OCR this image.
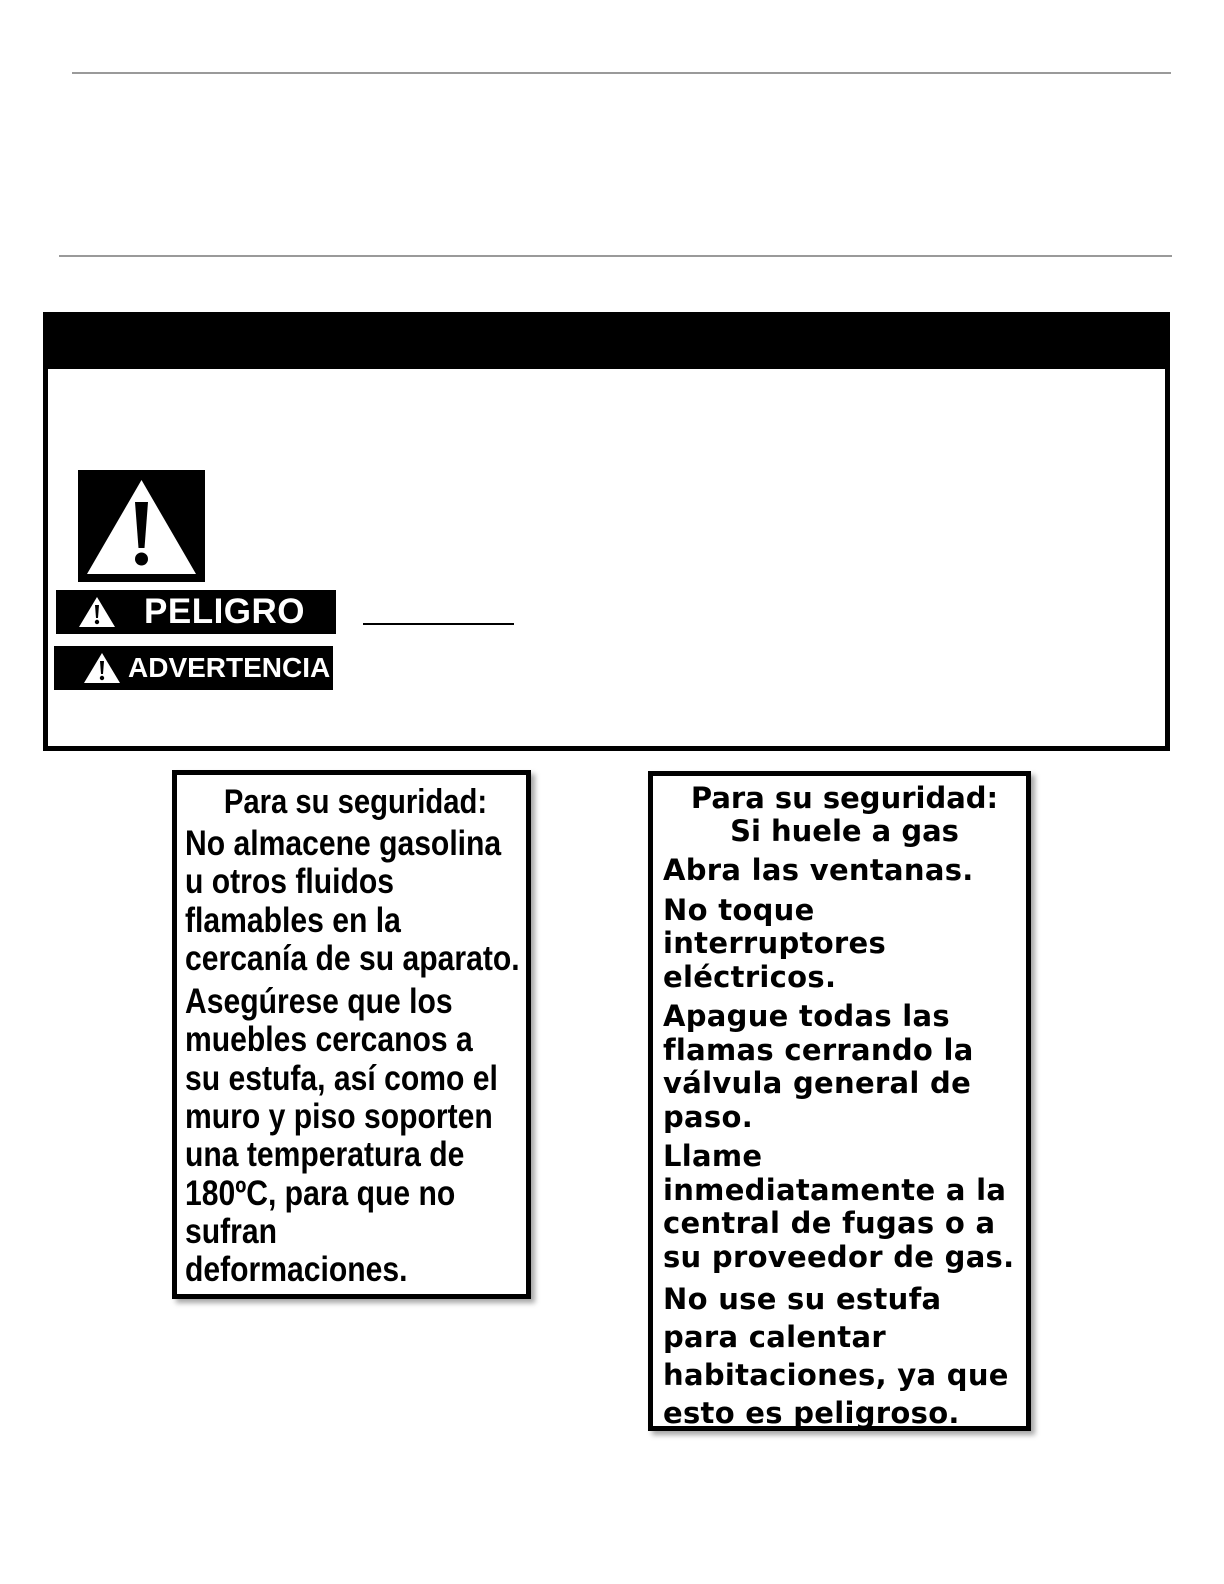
PELIGRO
ADVERTENCIA
Para su seguridad:
No almacene gasolina
u otros fluidos
flamables en la
cercanía de su aparato.
Asegúrese que los
muebles cercanos a
su estufa, así como el
muro y piso soporten
una temperatura de
180ºC, para que no
sufran
deformaciones.
Para su seguridad:
Si huele a gas
Abra las ventanas.
No toque
interruptores
eléctricos.
Apague todas las
flamas cerrando la
válvula general de
paso.
Llame
inmediatamente a la
central de fugas o a
su proveedor de gas.
No use su estufa
para calentar
habitaciones, ya que
esto es peligroso.
